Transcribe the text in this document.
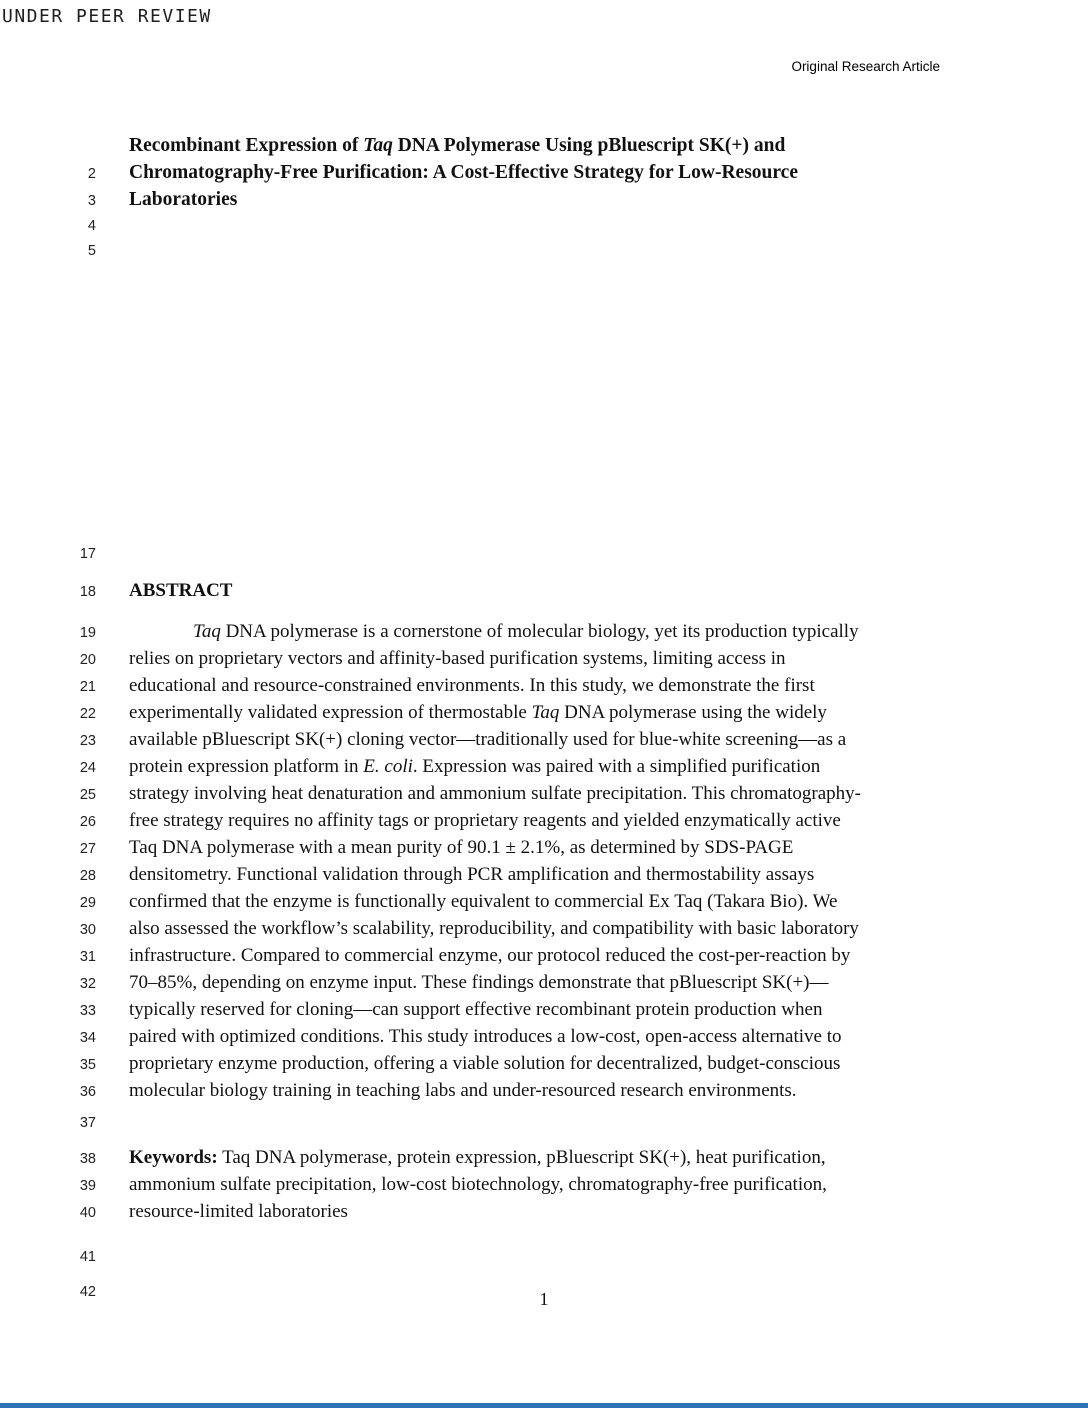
UNDER PEER REVIEW
Original Research Article
Recombinant Expression of Taq DNA Polymerase Using pBluescript SK(+) and
2 Chromatography-Free Purification: A Cost-Effective Strategy for Low-Resource
3 Laboratories
4
5
17
18 ABSTRACT
19	Taq DNA polymerase is a cornerstone of molecular biology, yet its production typically
20 relies on proprietary vectors and affinity-based purification systems, limiting access in
21 educational and resource-constrained environments. In this study, we demonstrate the first
22 experimentally validated expression of thermostable Taq DNA polymerase using the widely
23 available pBluescript SK(+) cloning vector—traditionally used for blue-white screening—as a
24 protein expression platform in E. coli. Expression was paired with a simplified purification
25 strategy involving heat denaturation and ammonium sulfate precipitation. This chromatography-
26 free strategy requires no affinity tags or proprietary reagents and yielded enzymatically active
27 Taq DNA polymerase with a mean purity of 90.1 ± 2.1%, as determined by SDS-PAGE
28 densitometry. Functional validation through PCR amplification and thermostability assays
29 confirmed that the enzyme is functionally equivalent to commercial Ex Taq (Takara Bio). We
30 also assessed the workflow’s scalability, reproducibility, and compatibility with basic laboratory
31 infrastructure. Compared to commercial enzyme, our protocol reduced the cost-per-reaction by
32 70–85%, depending on enzyme input. These findings demonstrate that pBluescript SK(+)—
33 typically reserved for cloning—can support effective recombinant protein production when
34 paired with optimized conditions. This study introduces a low-cost, open-access alternative to
35 proprietary enzyme production, offering a viable solution for decentralized, budget-conscious
36 molecular biology training in teaching labs and under-resourced research environments.
37
38 Keywords: Taq DNA polymerase, protein expression, pBluescript SK(+), heat purification,
39 ammonium sulfate precipitation, low-cost biotechnology, chromatography-free purification,
40 resource-limited laboratories
41
42	1
